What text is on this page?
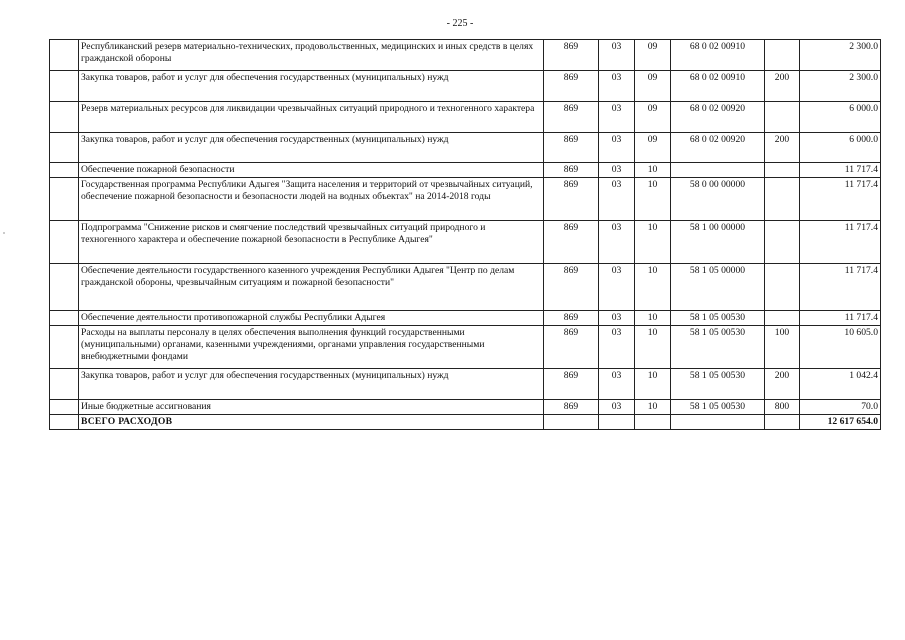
- 225 -
	Республиканский резерв материально-технических, продовольственных, медицинских и иных средств в целях гражданской обороны	869	03	09	68 0 02 00910		2 300.0
	Закупка товаров, работ и услуг для обеспечения государственных (муниципальных) нужд	869	03	09	68 0 02 00910	200	2 300.0
	Резерв материальных ресурсов для ликвидации чрезвычайных ситуаций природного и техногенного характера	869	03	09	68 0 02 00920		6 000.0
	Закупка товаров, работ и услуг для обеспечения государственных (муниципальных) нужд	869	03	09	68 0 02 00920	200	6 000.0
	Обеспечение пожарной безопасности	869	03	10			11 717.4
	Государственная программа Республики Адыгея "Защита населения и территорий от чрезвычайных ситуаций, обеспечение пожарной безопасности и безопасности людей на водных объектах" на 2014-2018 годы	869	03	10	58 0 00 00000		11 717.4
	Подпрограмма "Снижение рисков и смягчение последствий чрезвычайных ситуаций природного и техногенного характера и обеспечение пожарной безопасности в Республике Адыгея"	869	03	10	58 1 00 00000		11 717.4
	Обеспечение деятельности государственного казенного учреждения Республики Адыгея "Центр по делам гражданской обороны, чрезвычайным ситуациям и пожарной безопасности"	869	03	10	58 1 05 00000		11 717.4
	Обеспечение деятельности противопожарной службы Республики Адыгея	869	03	10	58 1 05 00530		11 717.4
	Расходы на выплаты персоналу в целях обеспечения выполнения функций государственными (муниципальными) органами, казенными учреждениями, органами управления государственными внебюджетными фондами	869	03	10	58 1 05 00530	100	10 605.0
	Закупка товаров, работ и услуг для обеспечения государственных (муниципальных) нужд	869	03	10	58 1 05 00530	200	1 042.4
	Иные бюджетные ассигнования	869	03	10	58 1 05 00530	800	70.0
	ВСЕГО РАСХОДОВ						12 617 654.0
